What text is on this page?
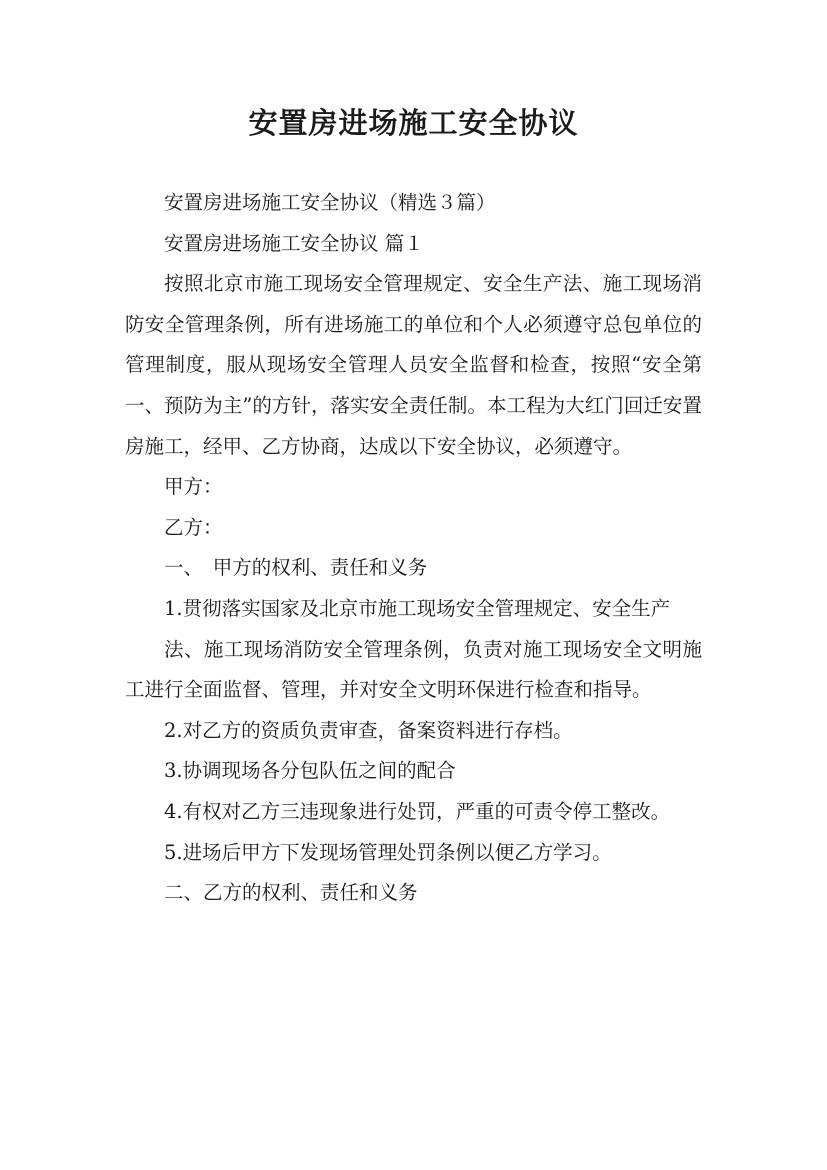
安置房进场施工安全协议

安置房进场施工安全协议（精选３篇）

安置房进场施工安全协议 篇１

按照北京市施工现场安全管理规定、安全生产法、施工现场消防安全管理条例，所有进场施工的单位和个人必须遵守总包单位的管理制度，服从现场安全管理人员安全监督和检查，按照“安全第一、预防为主”的方针，落实安全责任制。本工程为大红门回迁安置房施工，经甲、乙方协商，达成以下安全协议，必须遵守。

甲方：

乙方：

一、　甲方的权利、责任和义务

1.贯彻落实国家及北京市施工现场安全管理规定、安全生产

法、施工现场消防安全管理条例，负责对施工现场安全文明施工进行全面监督、管理，并对安全文明环保进行检查和指导。

2.对乙方的资质负责审查，备案资料进行存档。

3.协调现场各分包队伍之间的配合

4.有权对乙方三违现象进行处罚，严重的可责令停工整改。

5.进场后甲方下发现场管理处罚条例以便乙方学习。

二、乙方的权利、责任和义务
